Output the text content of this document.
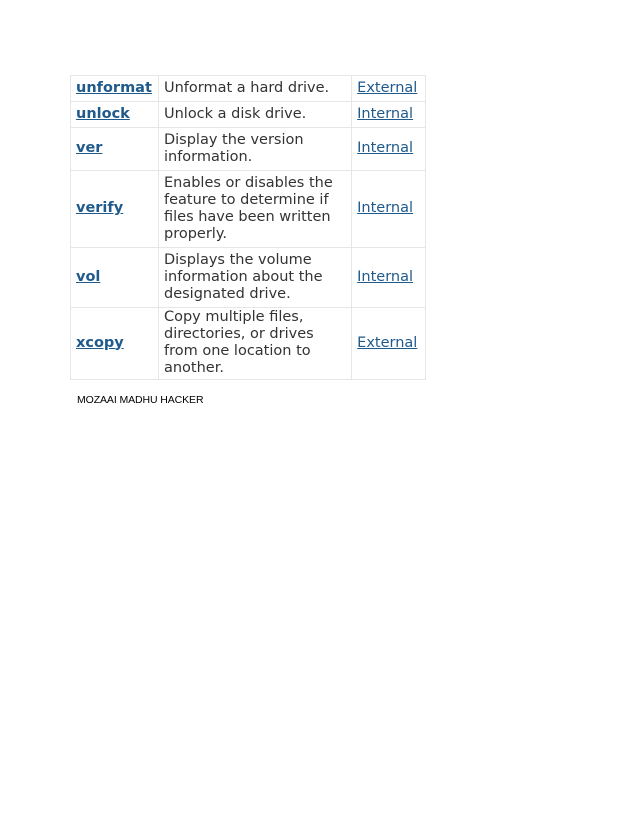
unformat	Unformat a hard drive.	External
unlock	Unlock a disk drive.	Internal
ver	Display the version information.	Internal
verify	Enables or disables the feature to determine if files have been written properly.	Internal
vol	Displays the volume information about the designated drive.	Internal
xcopy	Copy multiple files, directories, or drives from one location to another.	External
MOZAAI MADHU HACKER
